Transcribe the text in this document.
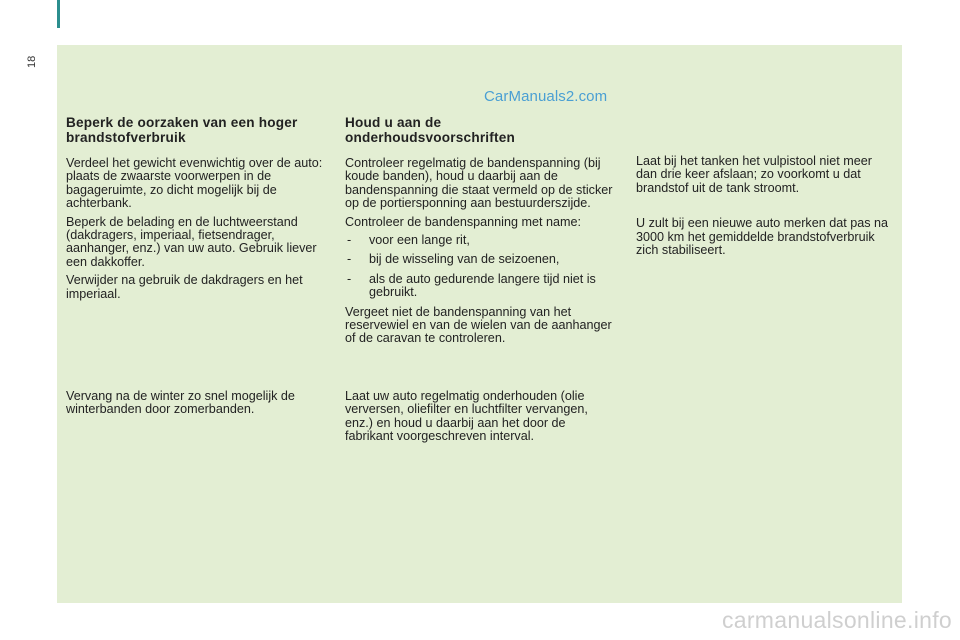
18
CarManuals2.com
Beperk de oorzaken van een hoger brandstofverbruik

Verdeel het gewicht evenwichtig over de auto: plaats de zwaarste voorwerpen in de bagageruimte, zo dicht mogelijk bij de achterbank.

Beperk de belading en de luchtweerstand (dakdragers, imperiaal, fietsendrager, aanhanger, enz.) van uw auto. Gebruik liever een dakkoffer.

Verwijder na gebruik de dakdragers en het imperiaal.

Vervang na de winter zo snel mogelijk de winterbanden door zomerbanden.

Houd u aan de onderhoudsvoorschriften

Controleer regelmatig de bandenspanning (bij koude banden), houd u daarbij aan de bandenspanning die staat vermeld op de sticker op de portiersponning aan bestuurderszijde.

Controleer de bandenspanning met name:

- voor een lange rit,
- bij de wisseling van de seizoenen,
- als de auto gedurende langere tijd niet is gebruikt.

Vergeet niet de bandenspanning van het reservewiel en van de wielen van de aanhanger of de caravan te controleren.

Laat uw auto regelmatig onderhouden (olie verversen, oliefilter en luchtfilter vervangen, enz.) en houd u daarbij aan het door de fabrikant voorgeschreven interval.

Laat bij het tanken het vulpistool niet meer dan drie keer afslaan; zo voorkomt u dat brandstof uit de tank stroomt.

U zult bij een nieuwe auto merken dat pas na 3000 km het gemiddelde brandstofverbruik zich stabiliseert.

carmanualsonline.info
